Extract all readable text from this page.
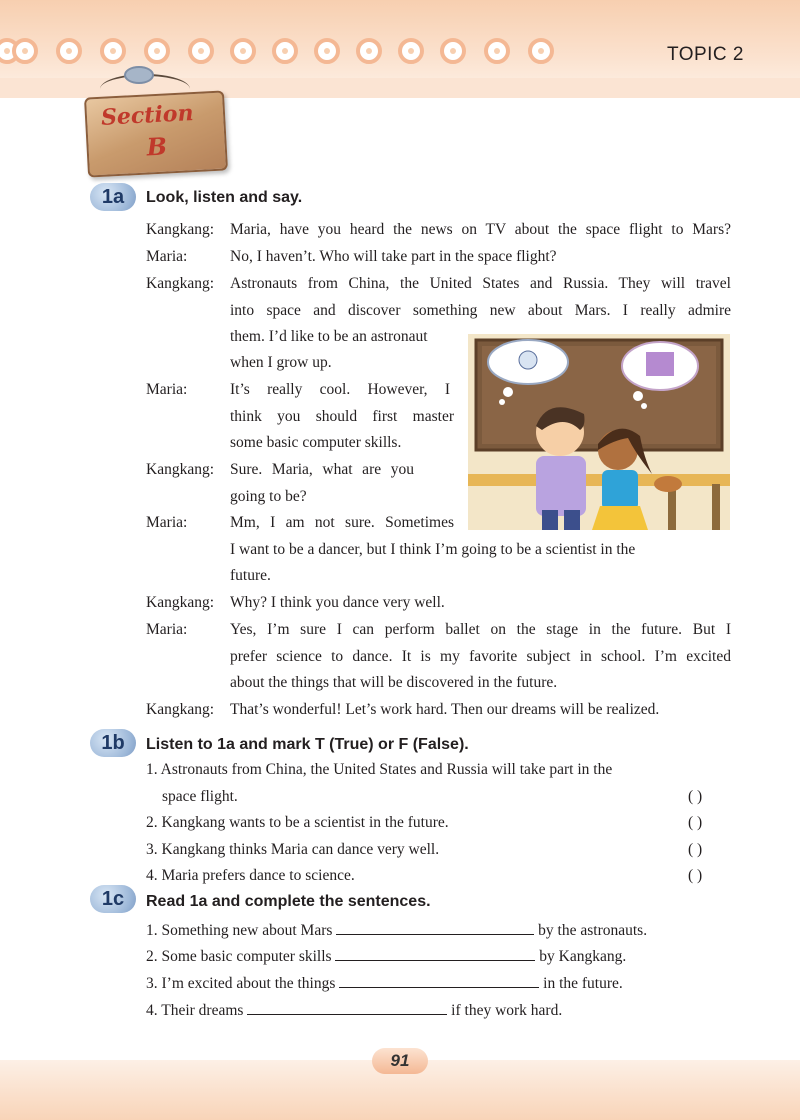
TOPIC 2
Section
B
1a	Look, listen and say.
Kangkang: Maria, have you heard the news on TV about the space flight to Mars?
Maria:	No, I haven’t. Who will take part in the space flight?
Kangkang: Astronauts from China, the United States and Russia. They will travel
into space and discover something new about Mars. I really admire
them. I’d like to be an astronaut
when I grow up.
Maria:	It’s really cool. However, I
think you should first master
some basic computer skills.
Kangkang: Sure. Maria, what are you
going to be?
Maria:	Mm, I am not sure. Sometimes
I want to be a dancer, but I think I’m going to be a scientist in the
future.
Kangkang: Why? I think you dance very well.
Maria:	Yes, I’m sure I can perform ballet on the stage in the future. But I
prefer science to dance. It is my favorite subject in school. I’m excited
about the things that will be discovered in the future.
Kangkang: That’s wonderful! Let’s work hard. Then our dreams will be realized.
1b	Listen to 1a and mark T (True) or F (False).
1. Astronauts from China, the United States and Russia will take part in the
space flight.	( )
2. Kangkang wants to be a scientist in the future.	( )
3. Kangkang thinks Maria can dance very well.	( )
4. Maria prefers dance to science.	( )
1c	Read 1a and complete the sentences.
1. Something new about Mars	by the astronauts.
2. Some basic computer skills	by Kangkang.
3. I’m excited about the things	in the future.
4. Their dreams	if they work hard.
91
